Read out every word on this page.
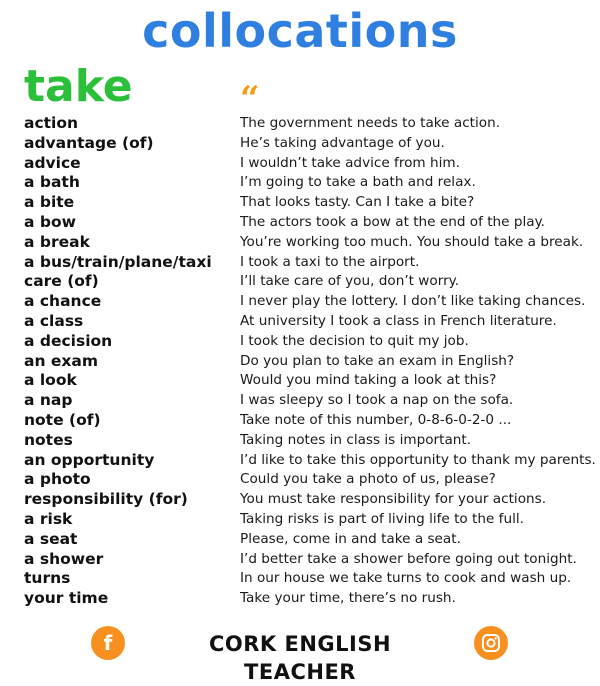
collocations
take	“
action	The government needs to take action.
advantage (of)	He’s taking advantage of you.
advice	I wouldn’t take advice from him.
a bath	I’m going to take a bath and relax.
a bite	That looks tasty. Can I take a bite?
a bow	The actors took a bow at the end of the play.
a break	You’re working too much. You should take a break.
a bus/train/plane/taxi I took a taxi to the airport.
care (of)	I’ll take care of you, don’t worry.
a chance	I never play the lottery. I don’t like taking chances.
a class	At university I took a class in French literature.
a decision	I took the decision to quit my job.
an exam	Do you plan to take an exam in English?
a look	Would you mind taking a look at this?
a nap	I was sleepy so I took a nap on the sofa.
note (of)	Take note of this number, 0-8-6-0-2-0 ...
notes	Taking notes in class is important.
an opportunity	I’d like to take this opportunity to thank my parents.
a photo	Could you take a photo of us, please?
responsibility (for)	You must take responsibility for your actions.
a risk	Taking risks is part of living life to the full.
a seat	Please, come in and take a seat.
a shower	I’d better take a shower before going out tonight.
turns	In our house we take turns to cook and wash up.
your time	Take your time, there’s no rush.
f	CORK ENGLISH TEACHER
